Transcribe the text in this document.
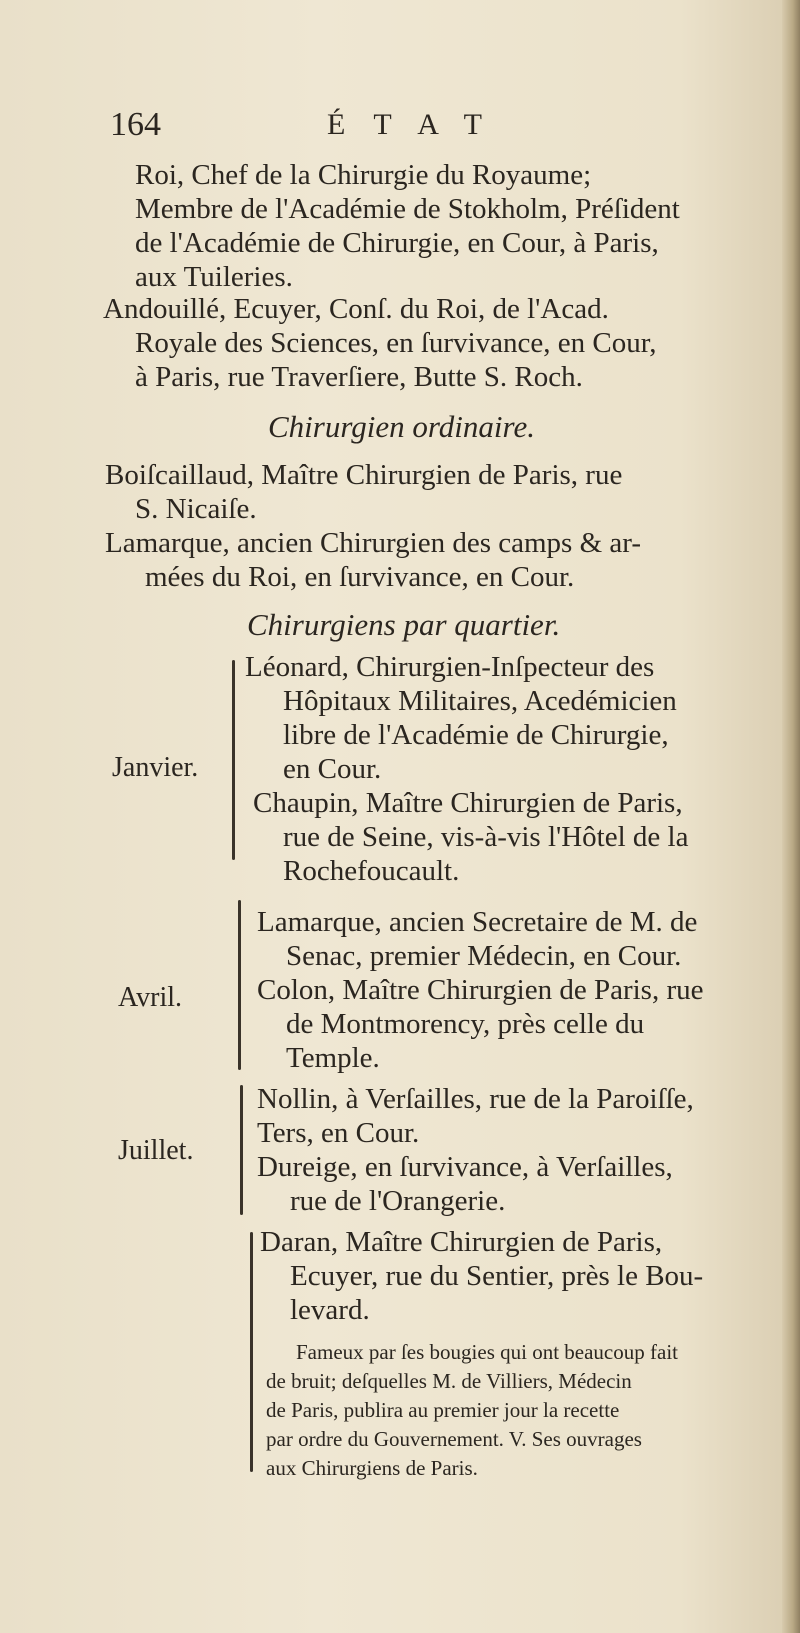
164	ÉTAT
Roi, Chef de la Chirurgie du Royaume;
Membre de l'Académie de Stokholm, Préſident
de l'Académie de Chirurgie, en Cour, à Paris,
aux Tuileries.
Andouillé, Ecuyer, Conſ. du Roi, de l'Acad.
Royale des Sciences, en ſurvivance, en Cour,
à Paris, rue Traverſiere, Butte S. Roch.
Chirurgien ordinaire.
Boiſcaillaud, Maître Chirurgien de Paris, rue
S. Nicaiſe.
Lamarque, ancien Chirurgien des camps & ar-
mées du Roi, en ſurvivance, en Cour.
Chirurgiens par quartier.
Janvier.
Léonard, Chirurgien-Inſpecteur des
Hôpitaux Militaires, Acedémicien
libre de l'Académie de Chirurgie,
en Cour.
Chaupin, Maître Chirurgien de Paris,
rue de Seine, vis-à-vis l'Hôtel de la
Rochefoucault.
Avril.
Lamarque, ancien Secretaire de M. de
Senac, premier Médecin, en Cour.
Colon, Maître Chirurgien de Paris, rue
de Montmorency, près celle du
Temple.
Juillet.
Nollin, à Verſailles, rue de la Paroiſſe,
Ters, en Cour.
Dureige, en ſurvivance, à Verſailles,
rue de l'Orangerie.
Daran, Maître Chirurgien de Paris,
Ecuyer, rue du Sentier, près le Bou-
levard.
Fameux par ſes bougies qui ont beaucoup fait
de bruit; deſquelles M. de Villiers, Médecin
de Paris, publira au premier jour la recette
par ordre du Gouvernement. V. Ses ouvrages
aux Chirurgiens de Paris.
